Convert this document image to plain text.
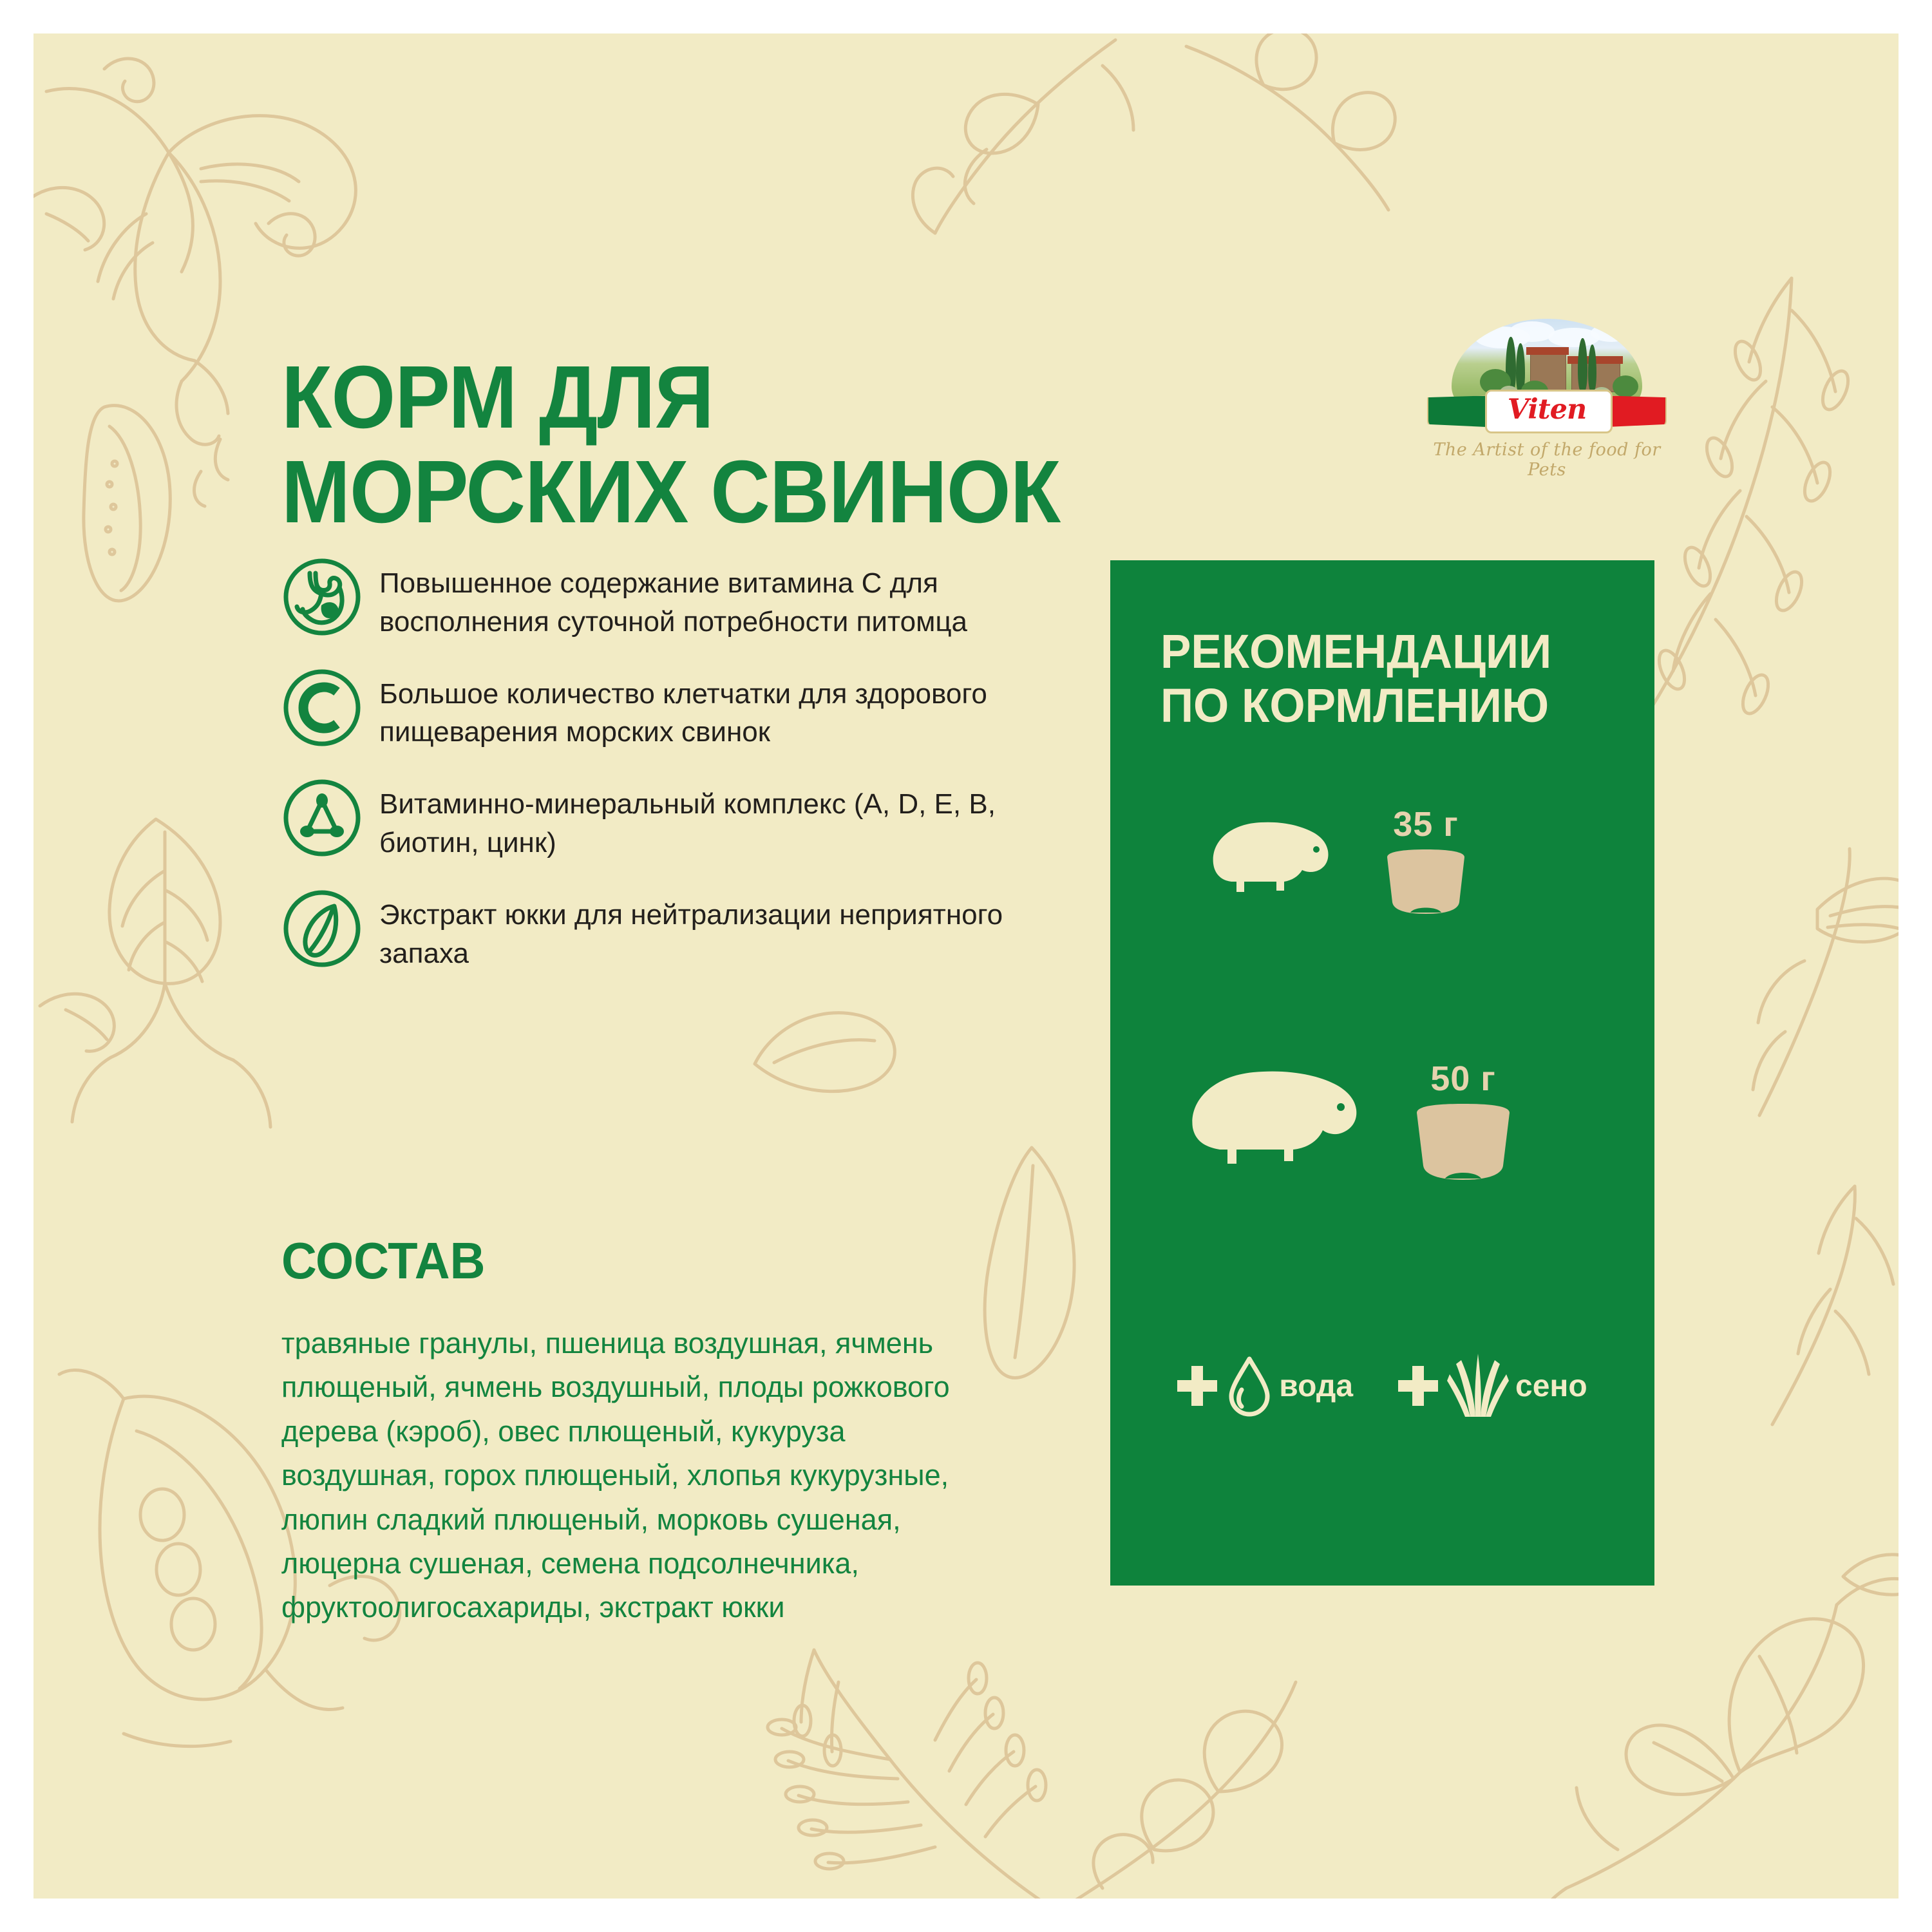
КОРМ ДЛЯ МОРСКИХ СВИНОК
Viten
The Artist of the food for Pets
Повышенное содержание витамина С для восполнения суточной потребности питомца
Большое количество клетчатки для здорового пищеварения морских свинок
Витаминно-минеральный комплекс (A, D, E, B, биотин, цинк)
Экстракт юкки для нейтрализации неприятного запаха
СОСТАВ
травяные гранулы, пшеница воздушная, ячмень плющеный, ячмень воздушный, плоды рожкового дерева (кэроб), овес плющеный, кукуруза воздушная, горох плющеный, хлопья кукурузные, люпин сладкий плющеный, морковь сушеная, люцерна сушеная, семена подсолнечника, фруктоолигосахариды, экстракт юкки
РЕКОМЕНДАЦИИ ПО КОРМЛЕНИЮ
35 г
50 г
вода	сено
